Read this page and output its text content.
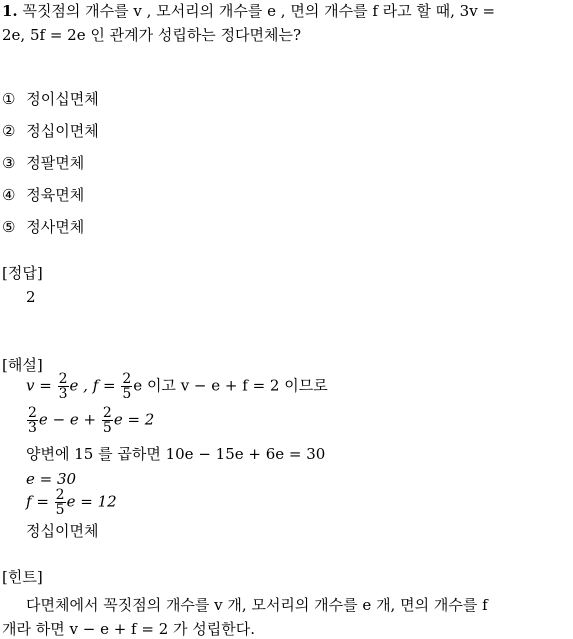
1. 꼭짓점의 개수를 v , 모서리의 개수를 e , 면의 개수를 f 라고 할 때, 3v =
2e, 5f = 2e 인 관계가 성립하는 정다면체는?
① 정이십면체
② 정십이면체
③ 정팔면체
④ 정육면체
⑤ 정사면체
[정답]
2
[해설]
$v = \frac{2}{3}$ e , $f = \frac{2}{5}$ e 이고 v − e + f = 2 이므로
$\frac{2}{3}$ $e - e + \frac{2}{5}$ e = 2
양변에 15 를 곱하면 10e − 15e + 6e = 30
e = 30
$f = \frac{2}{5}$ e = 12
정십이면체
[힌트]
다면체에서 꼭짓점의 개수를 v 개, 모서리의 개수를 e 개, 면의 개수를 f
개라 하면 v − e + f = 2 가 성립한다.
